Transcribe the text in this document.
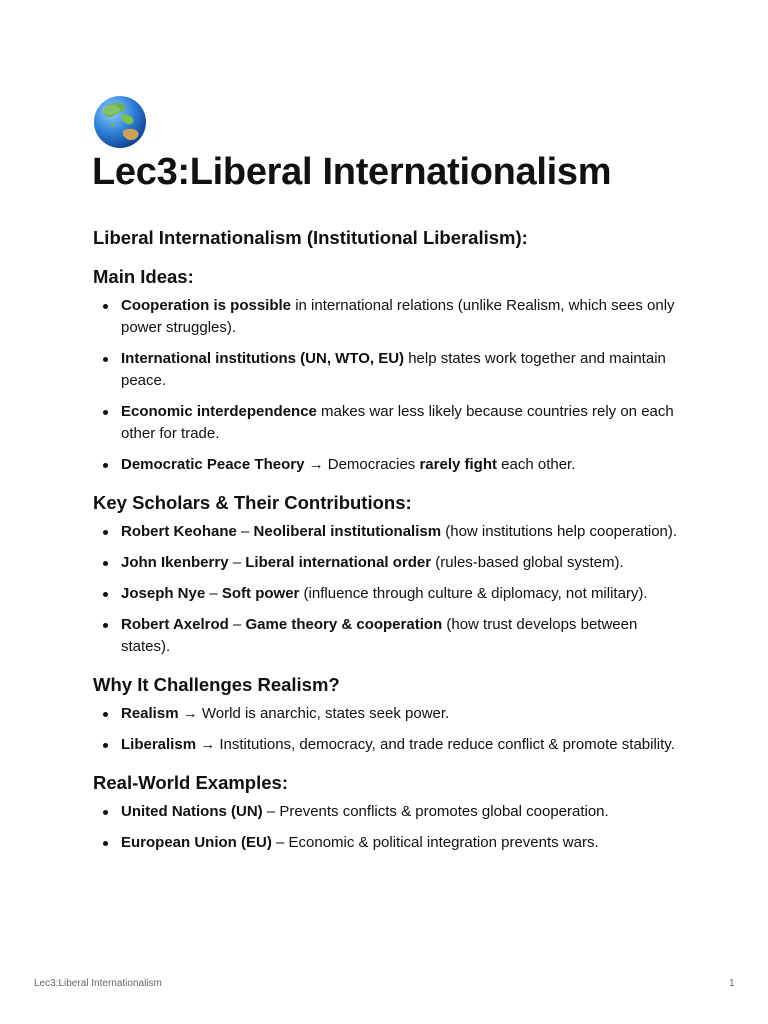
Lec3:Liberal Internationalism
Liberal Internationalism (Institutional Liberalism):
Main Ideas:
Cooperation is possible in international relations (unlike Realism, which sees only power struggles).
International institutions (UN, WTO, EU) help states work together and maintain peace.
Economic interdependence makes war less likely because countries rely on each other for trade.
Democratic Peace Theory → Democracies rarely fight each other.
Key Scholars & Their Contributions:
Robert Keohane – Neoliberal institutionalism (how institutions help cooperation).
John Ikenberry – Liberal international order (rules-based global system).
Joseph Nye – Soft power (influence through culture & diplomacy, not military).
Robert Axelrod – Game theory & cooperation (how trust develops between states).
Why It Challenges Realism?
Realism → World is anarchic, states seek power.
Liberalism → Institutions, democracy, and trade reduce conflict & promote stability.
Real-World Examples:
United Nations (UN) – Prevents conflicts & promotes global cooperation.
European Union (EU) – Economic & political integration prevents wars.
Lec3:Liberal Internationalism	1
